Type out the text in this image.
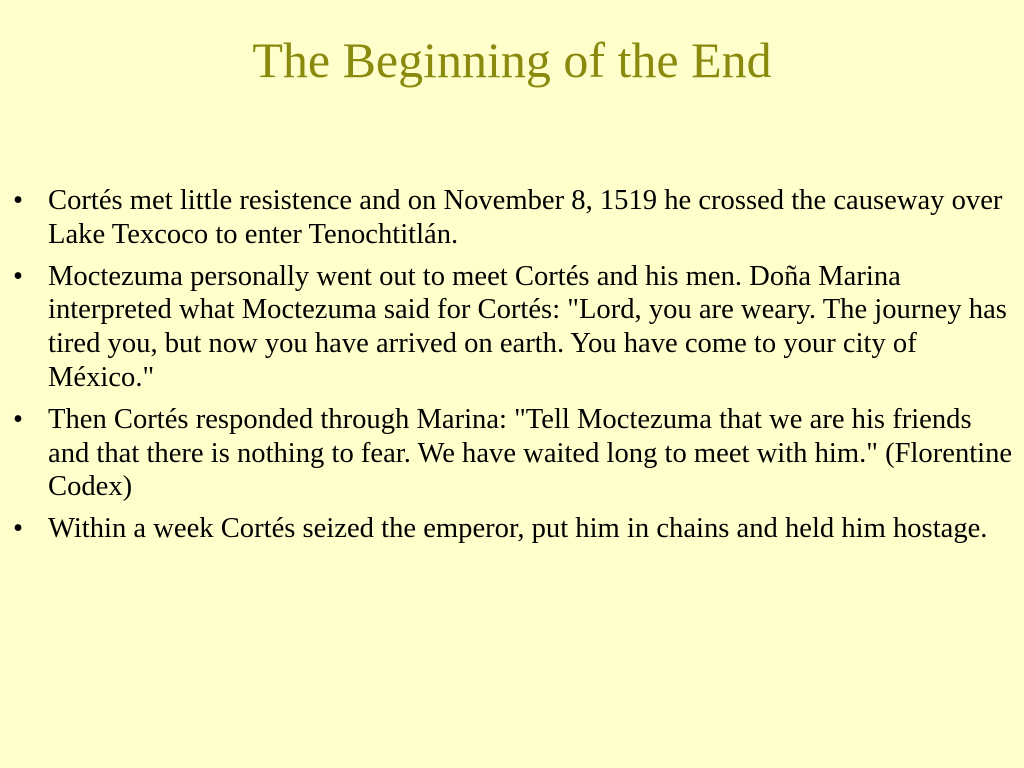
The Beginning of the End
• Cortés met little resistence and on November 8, 1519 he crossed the causeway over Lake Texcoco to enter Tenochtitlán.
• Moctezuma personally went out to meet Cortés and his men. Doña Marina interpreted what Moctezuma said for Cortés: "Lord, you are weary. The journey has tired you, but now you have arrived on earth. You have come to your city of México."
• Then Cortés responded through Marina: "Tell Moctezuma that we are his friends and that there is nothing to fear. We have waited long to meet with him." (Florentine Codex)
• Within a week Cortés seized the emperor, put him in chains and held him hostage.
